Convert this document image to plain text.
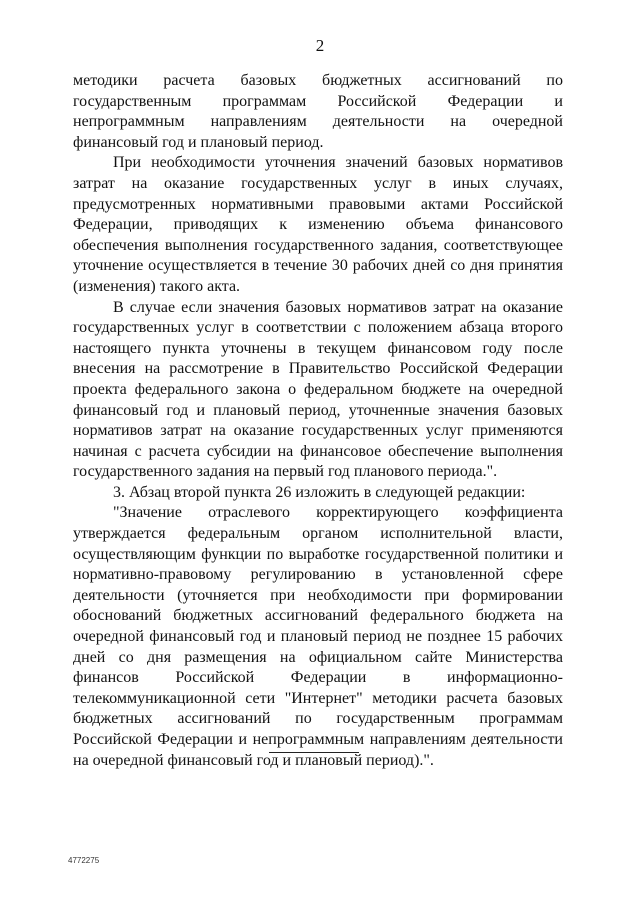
2

методики расчета базовых бюджетных ассигнований по государственным программам Российской Федерации и непрограммным направлениям деятельности на очередной финансовый год и плановый период.

При необходимости уточнения значений базовых нормативов затрат на оказание государственных услуг в иных случаях, предусмотренных нормативными правовыми актами Российской Федерации, приводящих к изменению объема финансового обеспечения выполнения государственного задания, соответствующее уточнение осуществляется в течение 30 рабочих дней со дня принятия (изменения) такого акта.

В случае если значения базовых нормативов затрат на оказание государственных услуг в соответствии с положением абзаца второго настоящего пункта уточнены в текущем финансовом году после внесения на рассмотрение в Правительство Российской Федерации проекта федерального закона о федеральном бюджете на очередной финансовый год и плановый период, уточненные значения базовых нормативов затрат на оказание государственных услуг применяются начиная с расчета субсидии на финансовое обеспечение выполнения государственного задания на первый год планового периода.".

3. Абзац второй пункта 26 изложить в следующей редакции:

"Значение отраслевого корректирующего коэффициента утверждается федеральным органом исполнительной власти, осуществляющим функции по выработке государственной политики и нормативно-правовому регулированию в установленной сфере деятельности (уточняется при необходимости при формировании обоснований бюджетных ассигнований федерального бюджета на очередной финансовый год и плановый период не позднее 15 рабочих дней со дня размещения на официальном сайте Министерства финансов Российской Федерации в информационно-телекоммуникационной сети "Интернет" методики расчета базовых бюджетных ассигнований по государственным программам Российской Федерации и непрограммным направлениям деятельности на очередной финансовый год и плановый период).".

4772275
